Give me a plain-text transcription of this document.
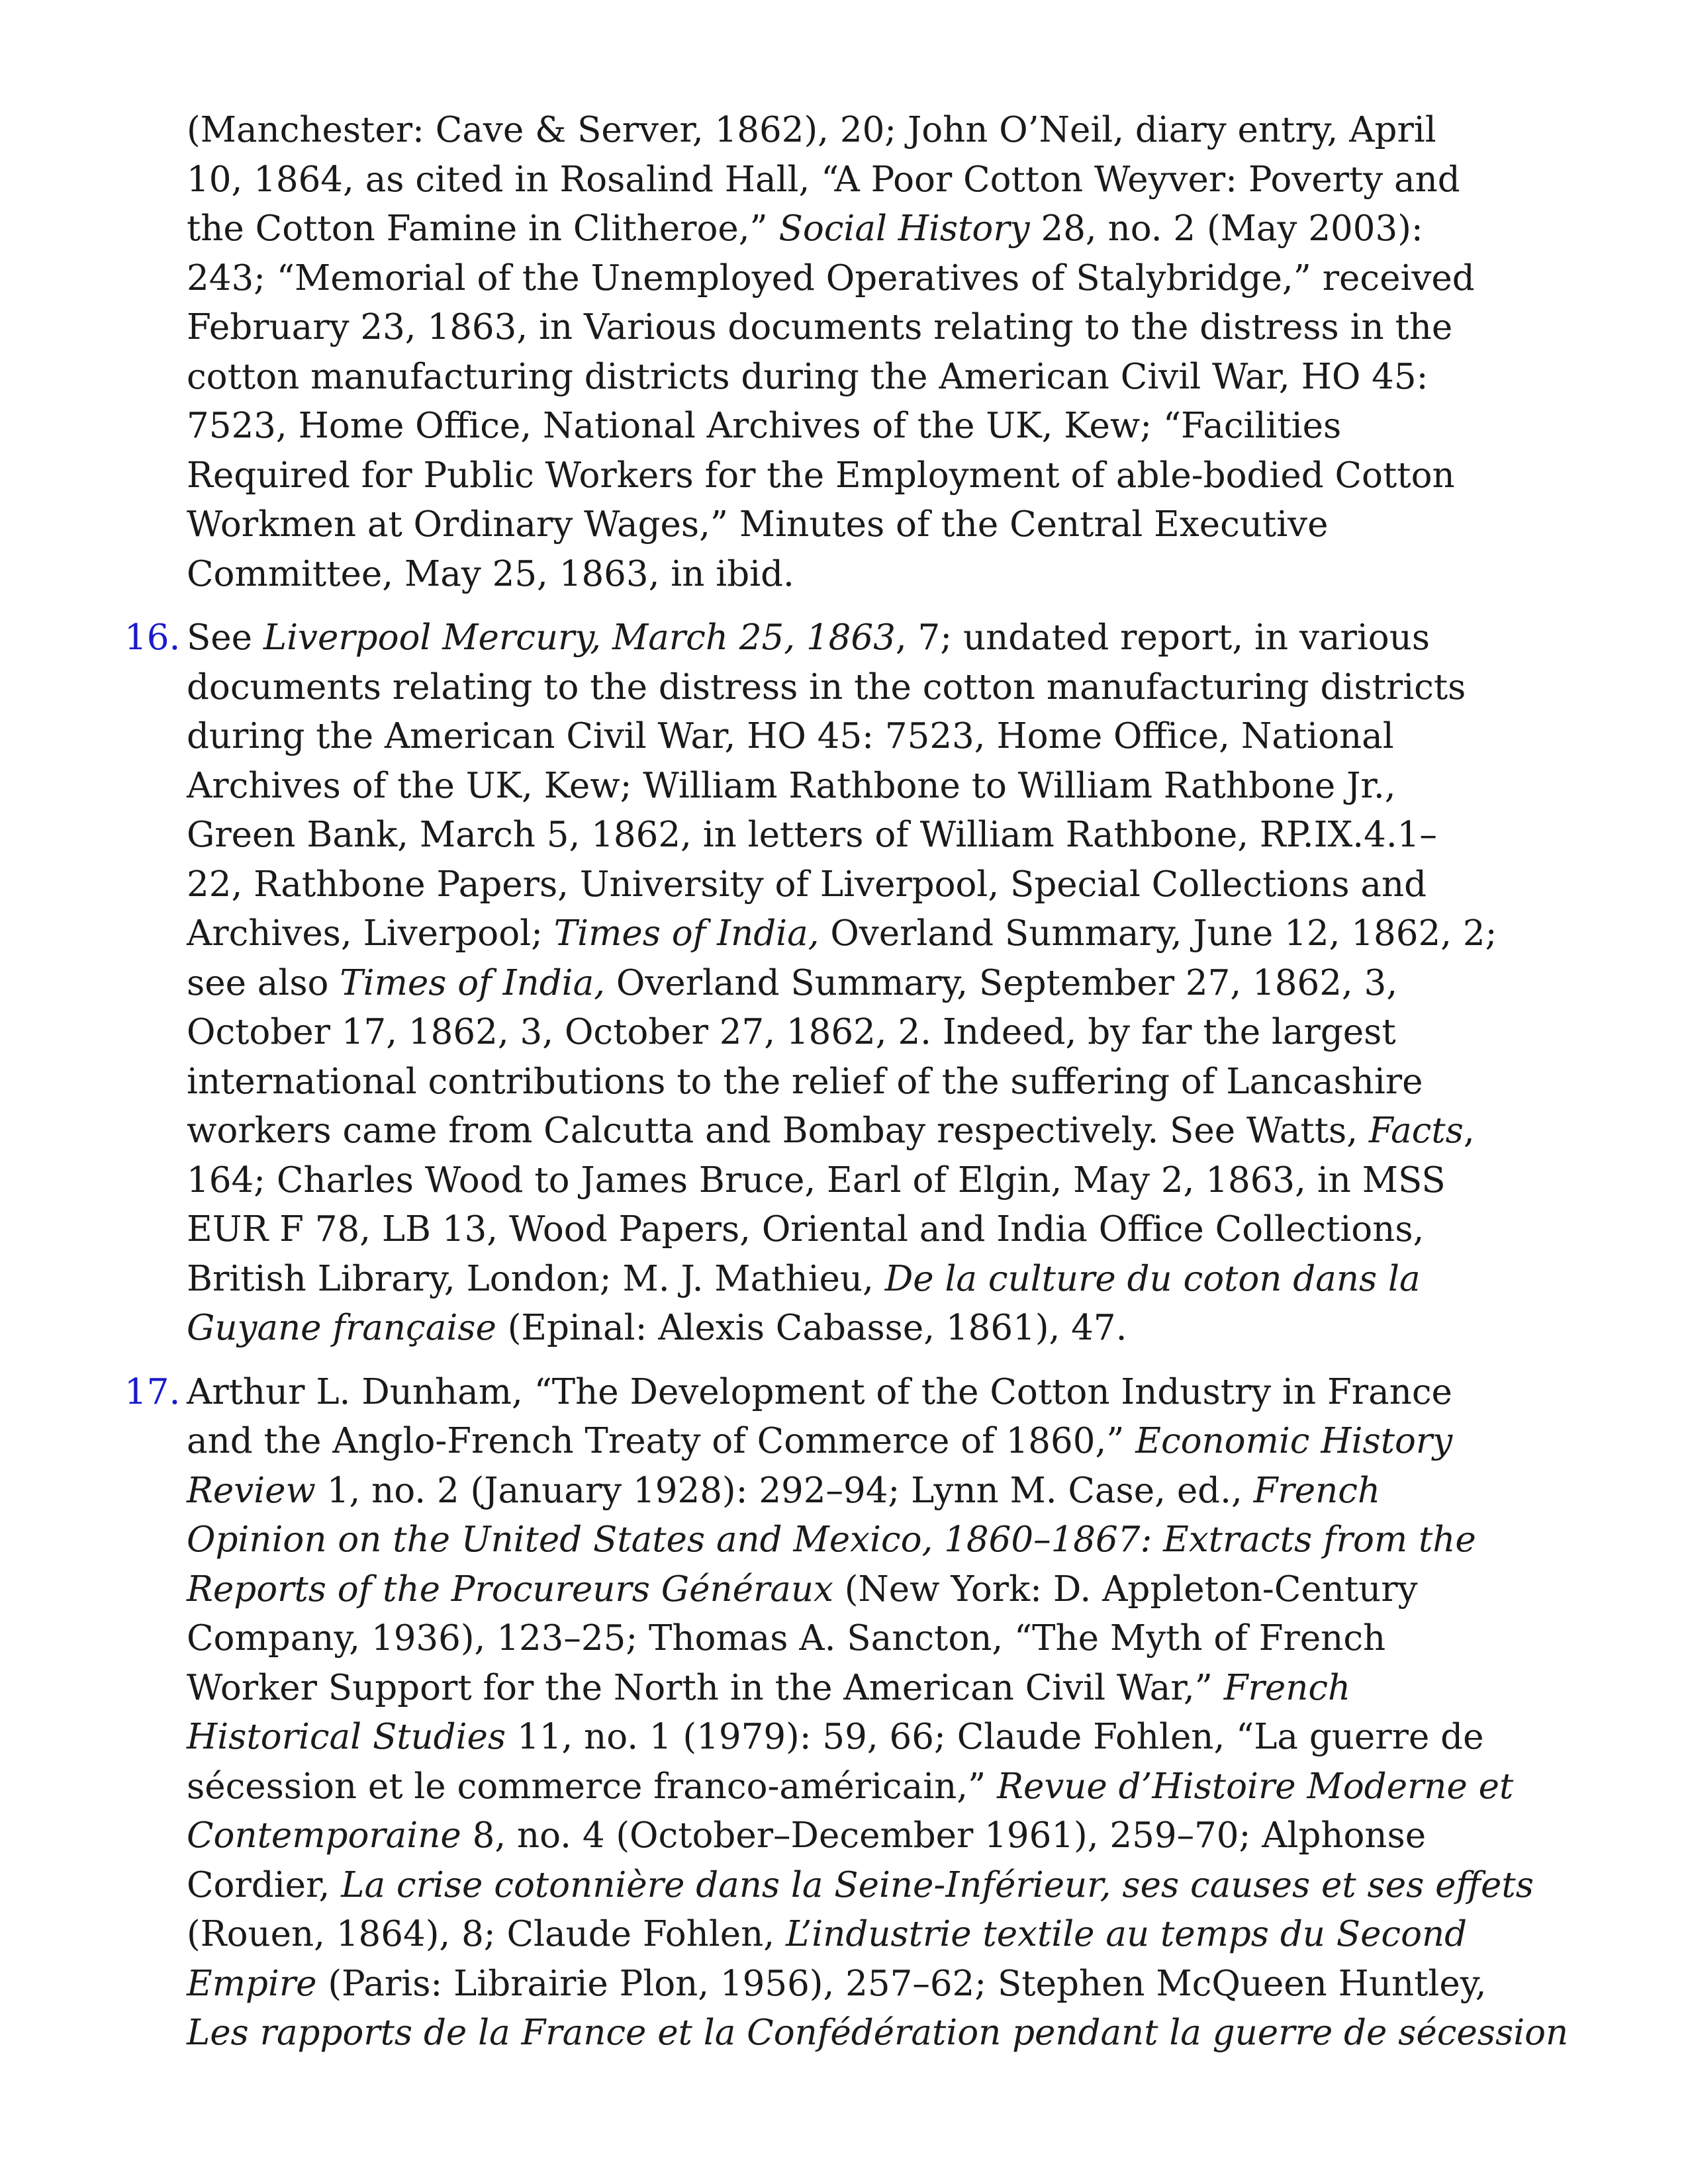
(Manchester: Cave & Server, 1862), 20; John O’Neil, diary entry, April
10, 1864, as cited in Rosalind Hall, “A Poor Cotton Weyver: Poverty and
the Cotton Famine in Clitheroe,” Social History 28, no. 2 (May 2003):
243; “Memorial of the Unemployed Operatives of Stalybridge,” received
February 23, 1863, in Various documents relating to the distress in the
cotton manufacturing districts during the American Civil War, HO 45:
7523, Home Office, National Archives of the UK, Kew; “Facilities
Required for Public Workers for the Employment of able-bodied Cotton
Workmen at Ordinary Wages,” Minutes of the Central Executive
Committee, May 25, 1863, in ibid.
16. See Liverpool Mercury, March 25, 1863, 7; undated report, in various
documents relating to the distress in the cotton manufacturing districts
during the American Civil War, HO 45: 7523, Home Office, National
Archives of the UK, Kew; William Rathbone to William Rathbone Jr.,
Green Bank, March 5, 1862, in letters of William Rathbone, RP.IX.4.1–
22, Rathbone Papers, University of Liverpool, Special Collections and
Archives, Liverpool; Times of India, Overland Summary, June 12, 1862, 2;
see also Times of India, Overland Summary, September 27, 1862, 3,
October 17, 1862, 3, October 27, 1862, 2. Indeed, by far the largest
international contributions to the relief of the suffering of Lancashire
workers came from Calcutta and Bombay respectively. See Watts, Facts,
164; Charles Wood to James Bruce, Earl of Elgin, May 2, 1863, in MSS
EUR F 78, LB 13, Wood Papers, Oriental and India Office Collections,
British Library, London; M. J. Mathieu, De la culture du coton dans la
Guyane française (Epinal: Alexis Cabasse, 1861), 47.
17. Arthur L. Dunham, “The Development of the Cotton Industry in France
and the Anglo-French Treaty of Commerce of 1860,” Economic History
Review 1, no. 2 (January 1928): 292–94; Lynn M. Case, ed., French
Opinion on the United States and Mexico, 1860–1867: Extracts from the
Reports of the Procureurs Généraux (New York: D. Appleton-Century
Company, 1936), 123–25; Thomas A. Sancton, “The Myth of French
Worker Support for the North in the American Civil War,” French
Historical Studies 11, no. 1 (1979): 59, 66; Claude Fohlen, “La guerre de
sécession et le commerce franco-américain,” Revue d’Histoire Moderne et
Contemporaine 8, no. 4 (October–December 1961), 259–70; Alphonse
Cordier, La crise cotonnière dans la Seine-Inférieur, ses causes et ses effets
(Rouen, 1864), 8; Claude Fohlen, L’industrie textile au temps du Second
Empire (Paris: Librairie Plon, 1956), 257–62; Stephen McQueen Huntley,
Les rapports de la France et la Confédération pendant la guerre de sécession
